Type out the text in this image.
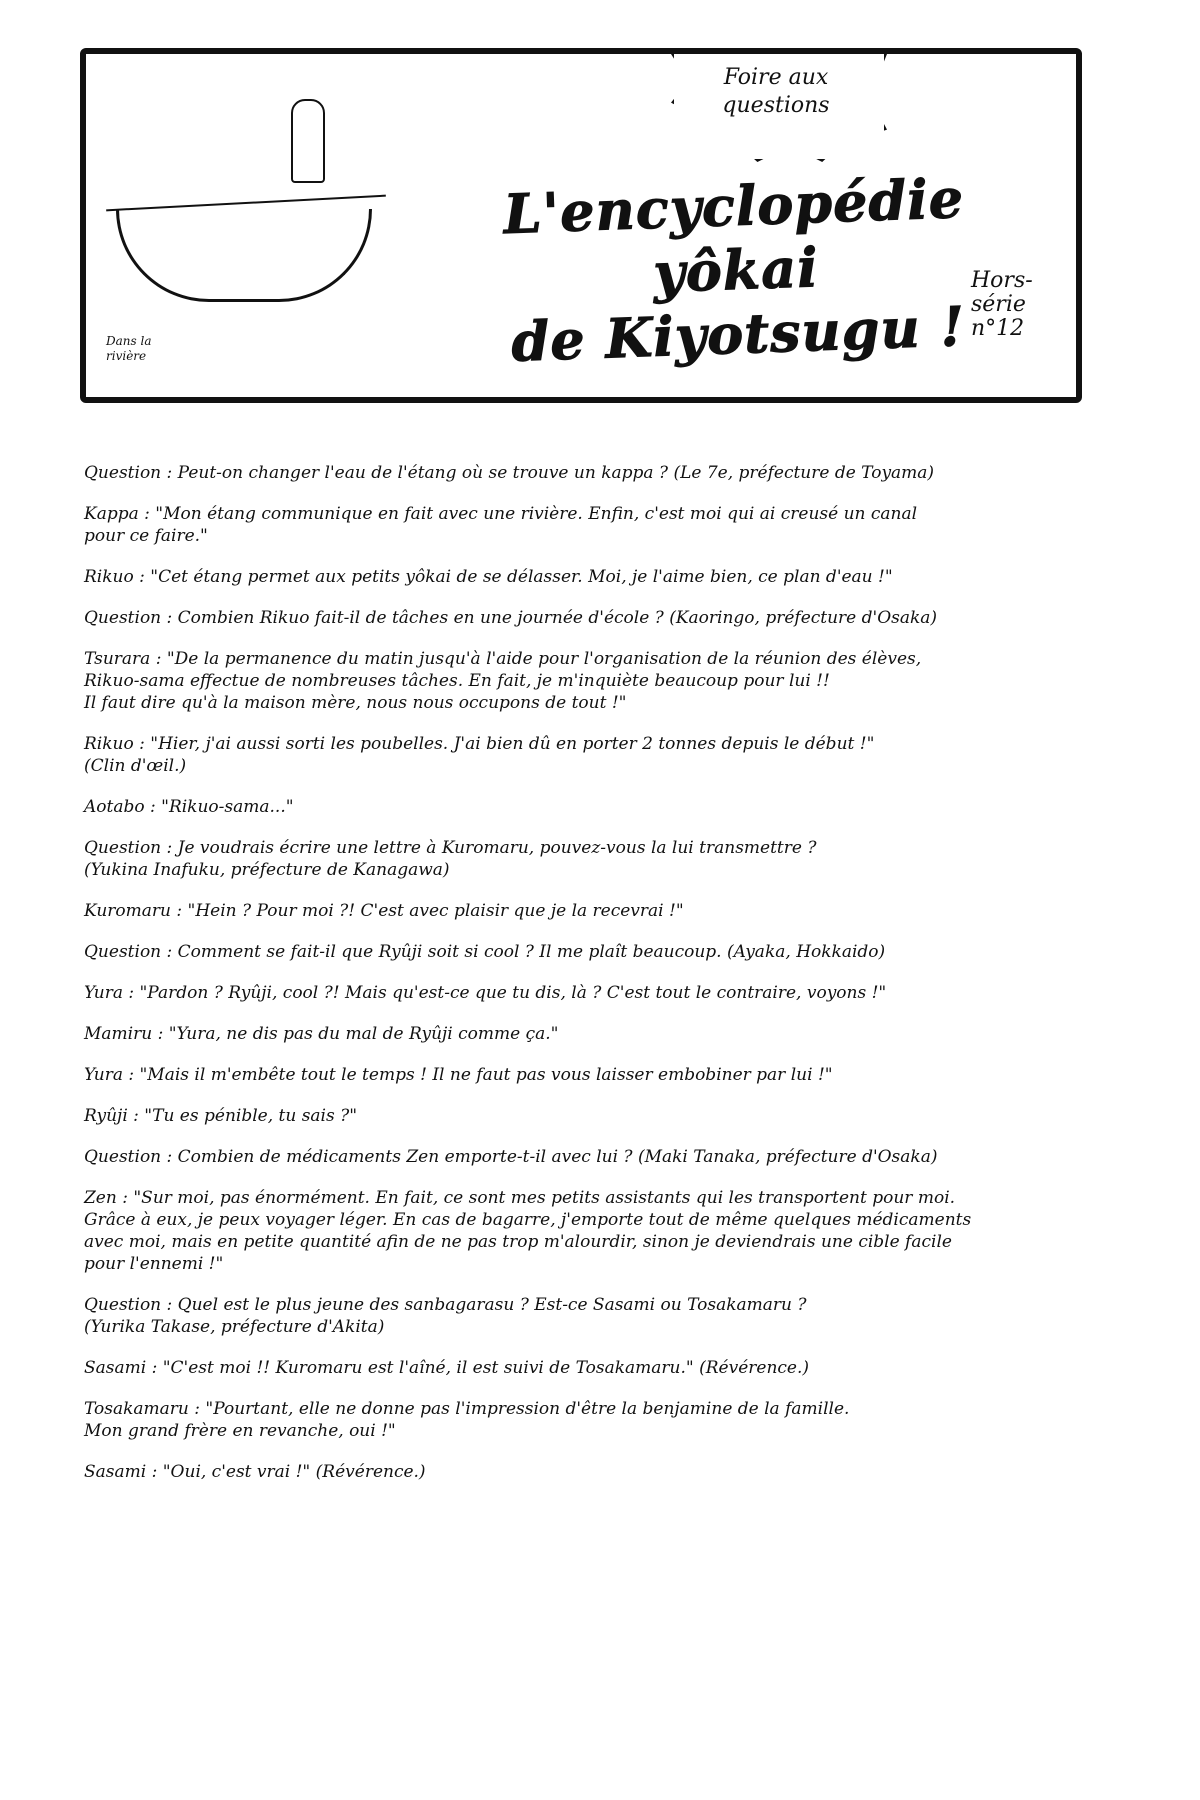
Dans la
rivière
Foire aux
questions
L'encyclopédie yôkai
de Kiyotsugu !
Hors-
série
n°12

Question : Peut-on changer l'eau de l'étang où se trouve un kappa ? (Le 7e, préfecture de Toyama)

Kappa : "Mon étang communique en fait avec une rivière. Enfin, c'est moi qui ai creusé un canal
pour ce faire."

Rikuo : "Cet étang permet aux petits yôkai de se délasser. Moi, je l'aime bien, ce plan d'eau !"

Question : Combien Rikuo fait-il de tâches en une journée d'école ? (Kaoringo, préfecture d'Osaka)

Tsurara : "De la permanence du matin jusqu'à l'aide pour l'organisation de la réunion des élèves,
Rikuo-sama effectue de nombreuses tâches. En fait, je m'inquiète beaucoup pour lui !!
Il faut dire qu'à la maison mère, nous nous occupons de tout !"

Rikuo : "Hier, j'ai aussi sorti les poubelles. J'ai bien dû en porter 2 tonnes depuis le début !"
(Clin d'œil.)

Aotabo : "Rikuo-sama..."

Question : Je voudrais écrire une lettre à Kuromaru, pouvez-vous la lui transmettre ?
(Yukina Inafuku, préfecture de Kanagawa)

Kuromaru : "Hein ? Pour moi ?! C'est avec plaisir que je la recevrai !"

Question : Comment se fait-il que Ryûji soit si cool ? Il me plaît beaucoup. (Ayaka, Hokkaido)

Yura : "Pardon ? Ryûji, cool ?! Mais qu'est-ce que tu dis, là ? C'est tout le contraire, voyons !"

Mamiru : "Yura, ne dis pas du mal de Ryûji comme ça."

Yura : "Mais il m'embête tout le temps ! Il ne faut pas vous laisser embobiner par lui !"

Ryûji : "Tu es pénible, tu sais ?"

Question : Combien de médicaments Zen emporte-t-il avec lui ? (Maki Tanaka, préfecture d'Osaka)

Zen : "Sur moi, pas énormément. En fait, ce sont mes petits assistants qui les transportent pour moi.
Grâce à eux, je peux voyager léger. En cas de bagarre, j'emporte tout de même quelques médicaments
avec moi, mais en petite quantité afin de ne pas trop m'alourdir, sinon je deviendrais une cible facile
pour l'ennemi !"

Question : Quel est le plus jeune des sanbagarasu ? Est-ce Sasami ou Tosakamaru ?
(Yurika Takase, préfecture d'Akita)

Sasami : "C'est moi !! Kuromaru est l'aîné, il est suivi de Tosakamaru." (Révérence.)

Tosakamaru : "Pourtant, elle ne donne pas l'impression d'être la benjamine de la famille.
Mon grand frère en revanche, oui !"

Sasami : "Oui, c'est vrai !" (Révérence.)
